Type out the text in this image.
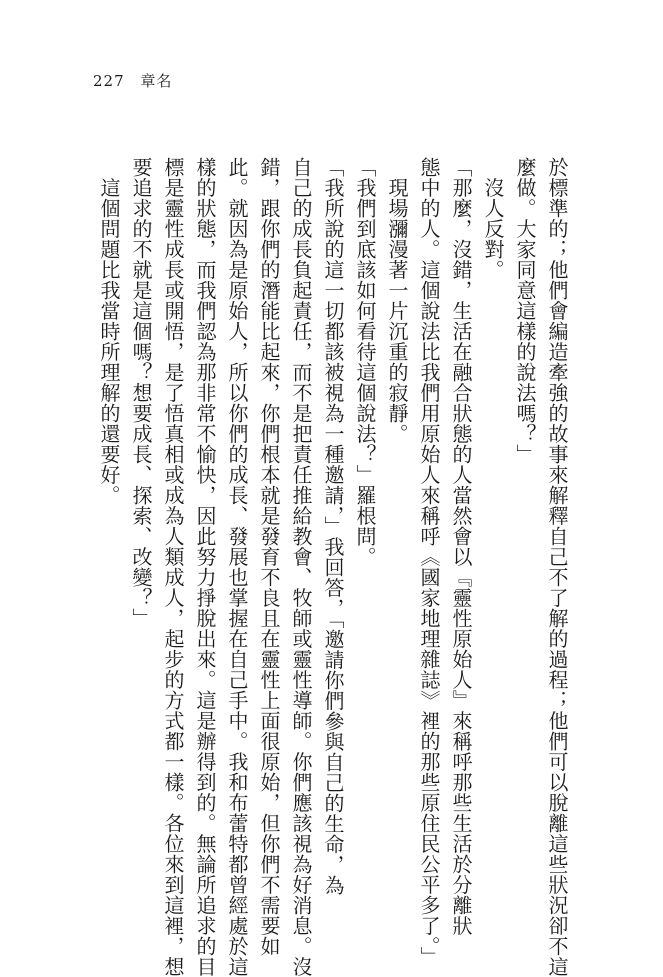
227 章名

於標準的；他們會編造牽強的故事來解釋自己不了解的過程；他們可以脫離這些狀況卻不這

麼做。大家同意這樣的說法嗎？」

　沒人反對。

「那麼，沒錯，生活在融合狀態的人當然會以『靈性原始人』來稱呼那些生活於分離狀

態中的人。這個說法比我們用原始人來稱呼《國家地理雜誌》裡的那些原住民公平多了。」

　現場瀰漫著一片沉重的寂靜。

「我們到底該如何看待這個說法？」羅根問。

「我所說的這一切都該被視為一種邀請，」我回答，「邀請你們參與自己的生命，為

自己的成長負起責任，而不是把責任推給教會、牧師或靈性導師。你們應該視為好消息。沒

錯，跟你們的潛能比起來，你們根本就是發育不良且在靈性上面很原始，但你們不需要如

此。就因為是原始人，所以你們的成長、發展也掌握在自己手中。我和布蕾特都曾經處於這

樣的狀態，而我們認為那非常不愉快，因此努力掙脫出來。這是辦得到的。無論所追求的目

標是靈性成長或開悟，是了悟真相或成為人類成人，起步的方式都一樣。各位來到這裡，想

要追求的不就是這個嗎？想要成長、探索、改變？」

　這個問題比我當時所理解的還要好。
